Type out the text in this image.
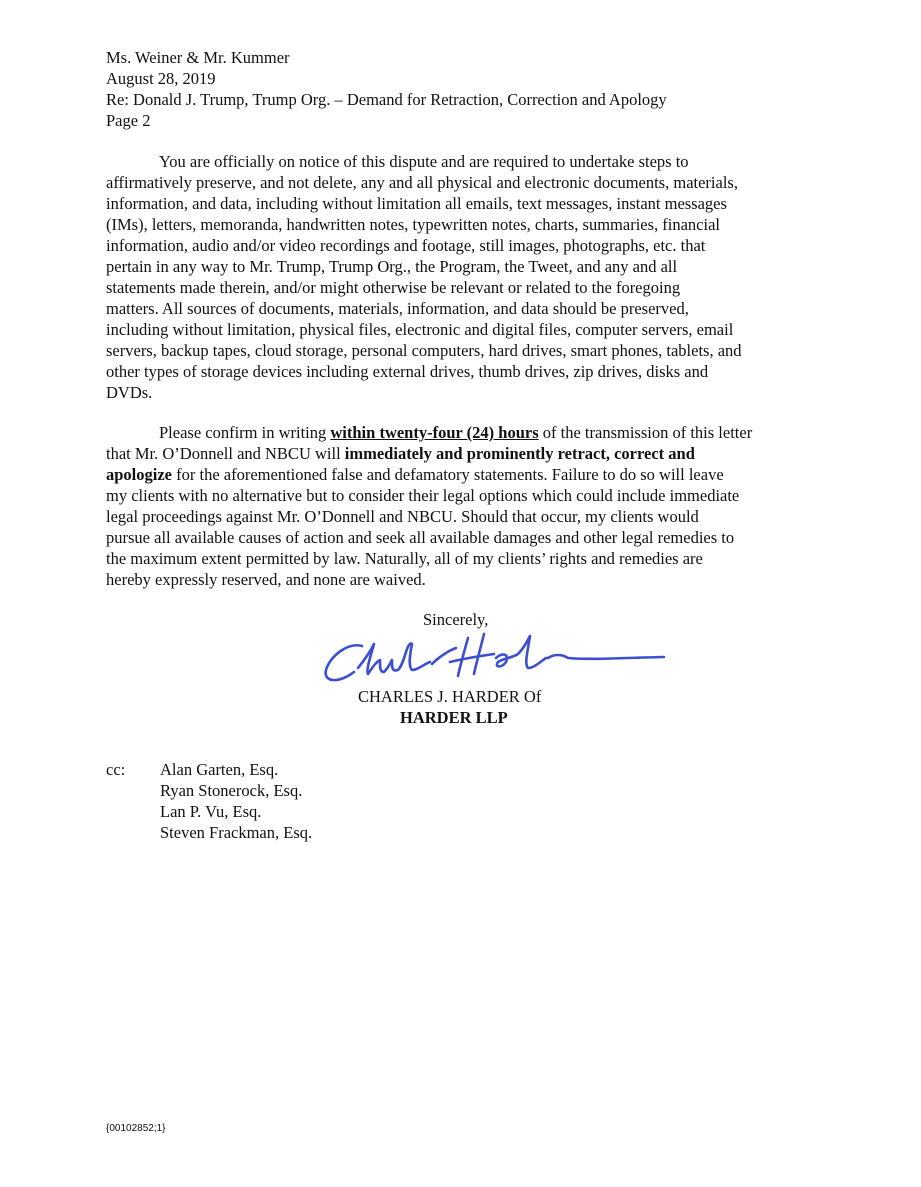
Ms. Weiner & Mr. Kummer
August 28, 2019
Re: Donald J. Trump, Trump Org. – Demand for Retraction, Correction and Apology
Page 2
You are officially on notice of this dispute and are required to undertake steps to
affirmatively preserve, and not delete, any and all physical and electronic documents, materials,
information, and data, including without limitation all emails, text messages, instant messages
(IMs), letters, memoranda, handwritten notes, typewritten notes, charts, summaries, financial
information, audio and/or video recordings and footage, still images, photographs, etc. that
pertain in any way to Mr. Trump, Trump Org., the Program, the Tweet, and any and all
statements made therein, and/or might otherwise be relevant or related to the foregoing
matters. All sources of documents, materials, information, and data should be preserved,
including without limitation, physical files, electronic and digital files, computer servers, email
servers, backup tapes, cloud storage, personal computers, hard drives, smart phones, tablets, and
other types of storage devices including external drives, thumb drives, zip drives, disks and
DVDs.
Please confirm in writing within twenty-four (24) hours of the transmission of this letter
that Mr. O’Donnell and NBCU will immediately and prominently retract, correct and
apologize for the aforementioned false and defamatory statements. Failure to do so will leave
my clients with no alternative but to consider their legal options which could include immediate
legal proceedings against Mr. O’Donnell and NBCU. Should that occur, my clients would
pursue all available causes of action and seek all available damages and other legal remedies to
the maximum extent permitted by law. Naturally, all of my clients’ rights and remedies are
hereby expressly reserved, and none are waived.
Sincerely,
CHARLES J. HARDER Of
HARDER LLP
cc: Alan Garten, Esq.
Ryan Stonerock, Esq.
Lan P. Vu, Esq.
Steven Frackman, Esq.
{00102852;1}
